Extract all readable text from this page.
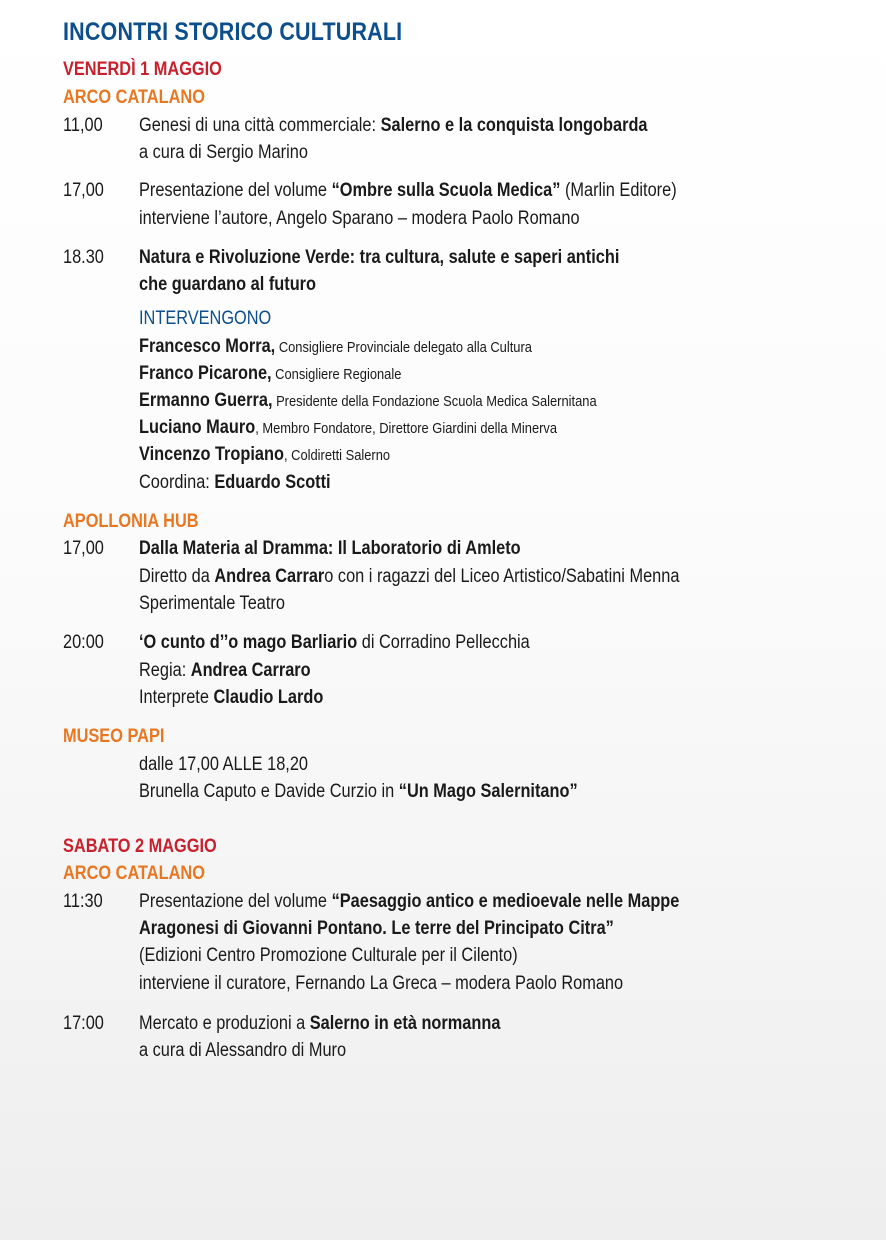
INCONTRI STORICO CULTURALI
VENERDÌ 1 MAGGIO
ARCO CATALANO
11,00 Genesi di una città commerciale: Salerno e la conquista longobarda
a cura di Sergio Marino
17,00 Presentazione del volume “Ombre sulla Scuola Medica” (Marlin Editore)
interviene l’autore, Angelo Sparano – modera Paolo Romano
18.30 Natura e Rivoluzione Verde: tra cultura, salute e saperi antichi
che guardano al futuro
INTERVENGONO
Francesco Morra, Consigliere Provinciale delegato alla Cultura
Franco Picarone, Consigliere Regionale
Ermanno Guerra, Presidente della Fondazione Scuola Medica Salernitana
Luciano Mauro, Membro Fondatore, Direttore Giardini della Minerva
Vincenzo Tropiano, Coldiretti Salerno
Coordina: Eduardo Scotti
APOLLONIA HUB
17,00 Dalla Materia al Dramma: Il Laboratorio di Amleto
Diretto da Andrea Carraro con i ragazzi del Liceo Artistico/Sabatini Menna
Sperimentale Teatro
20:00 ‘O cunto d’’o mago Barliario di Corradino Pellecchia
Regia: Andrea Carraro
Interprete Claudio Lardo
MUSEO PAPI
dalle 17,00 ALLE 18,20
Brunella Caputo e Davide Curzio in “Un Mago Salernitano”
SABATO 2 MAGGIO
ARCO CATALANO
11:30 Presentazione del volume “Paesaggio antico e medioevale nelle Mappe
Aragonesi di Giovanni Pontano. Le terre del Principato Citra”
(Edizioni Centro Promozione Culturale per il Cilento)
interviene il curatore, Fernando La Greca – modera Paolo Romano
17:00 Mercato e produzioni a Salerno in età normanna
a cura di Alessandro di Muro
